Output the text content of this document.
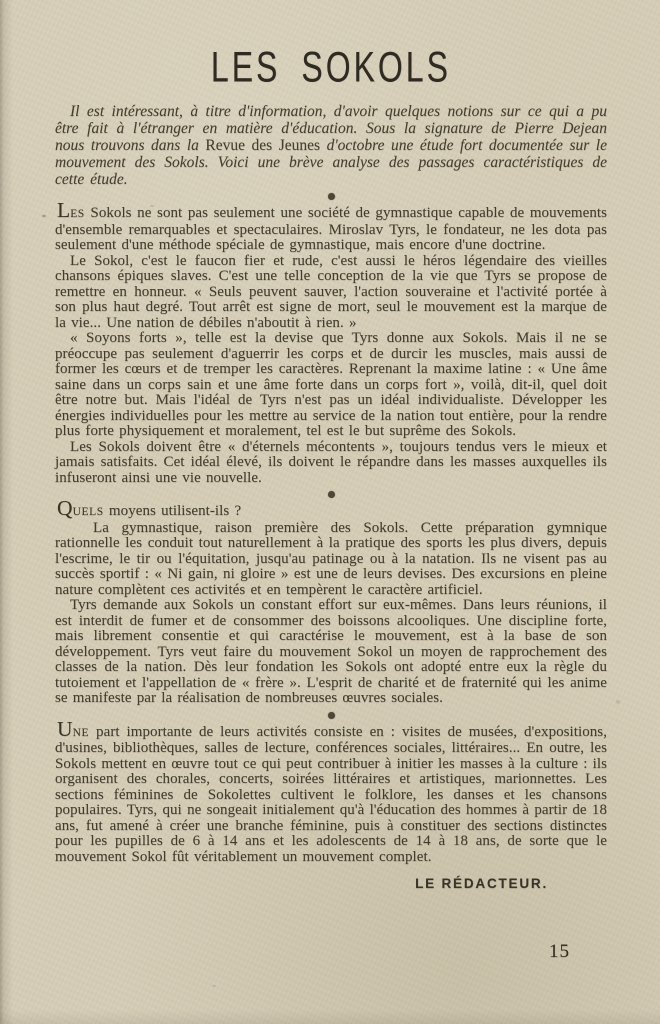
LES SOKOLS

Il est intéressant, à titre d'information, d'avoir quelques notions sur ce qui a pu être fait à l'étranger en matière d'éducation. Sous la signature de Pierre Dejean nous trouvons dans la Revue des Jeunes d'octobre une étude fort documentée sur le mouvement des Sokols. Voici une brève analyse des passages caractéristiques de cette étude.

LES Sokols ne sont pas seulement une société de gymnastique capable de mouvements d'ensemble remarquables et spectaculaires. Miroslav Tyrs, le fondateur, ne les dota pas seulement d'une méthode spéciale de gymnastique, mais encore d'une doctrine.

Le Sokol, c'est le faucon fier et rude, c'est aussi le héros légendaire des vieilles chansons épiques slaves. C'est une telle conception de la vie que Tyrs se propose de remettre en honneur. « Seuls peuvent sauver, l'action souveraine et l'activité portée à son plus haut degré. Tout arrêt est signe de mort, seul le mouvement est la marque de la vie... Une nation de débiles n'aboutit à rien. »

« Soyons forts », telle est la devise que Tyrs donne aux Sokols. Mais il ne se préoccupe pas seulement d'aguerrir les corps et de durcir les muscles, mais aussi de former les cœurs et de tremper les caractères. Reprenant la maxime latine : « Une âme saine dans un corps sain et une âme forte dans un corps fort », voilà, dit-il, quel doit être notre but. Mais l'idéal de Tyrs n'est pas un idéal individualiste. Développer les énergies individuelles pour les mettre au service de la nation tout entière, pour la rendre plus forte physiquement et moralement, tel est le but suprême des Sokols.

Les Sokols doivent être « d'éternels mécontents », toujours tendus vers le mieux et jamais satisfaits. Cet idéal élevé, ils doivent le répandre dans les masses auxquelles ils infuseront ainsi une vie nouvelle.

QUELS moyens utilisent-ils ?

La gymnastique, raison première des Sokols. Cette préparation gymnique rationnelle les conduit tout naturellement à la pratique des sports les plus divers, depuis l'escrime, le tir ou l'équitation, jusqu'au patinage ou à la natation. Ils ne visent pas au succès sportif : « Ni gain, ni gloire » est une de leurs devises. Des excursions en pleine nature complètent ces activités et en tempèrent le caractère artificiel.

Tyrs demande aux Sokols un constant effort sur eux-mêmes. Dans leurs réunions, il est interdit de fumer et de consommer des boissons alcooliques. Une discipline forte, mais librement consentie et qui caractérise le mouvement, est à la base de son développement. Tyrs veut faire du mouvement Sokol un moyen de rapprochement des classes de la nation. Dès leur fondation les Sokols ont adopté entre eux la règle du tutoiement et l'appellation de « frère ». L'esprit de charité et de fraternité qui les anime se manifeste par la réalisation de nombreuses œuvres sociales.

UNE part importante de leurs activités consiste en : visites de musées, d'expositions, d'usines, bibliothèques, salles de lecture, conférences sociales, littéraires... En outre, les Sokols mettent en œuvre tout ce qui peut contribuer à initier les masses à la culture : ils organisent des chorales, concerts, soirées littéraires et artistiques, marionnettes. Les sections féminines de Sokolettes cultivent le folklore, les danses et les chansons populaires. Tyrs, qui ne songeait initialement qu'à l'éducation des hommes à partir de 18 ans, fut amené à créer une branche féminine, puis à constituer des sections distinctes pour les pupilles de 6 à 14 ans et les adolescents de 14 à 18 ans, de sorte que le mouvement Sokol fût véritablement un mouvement complet.

LE RÉDACTEUR.

15
